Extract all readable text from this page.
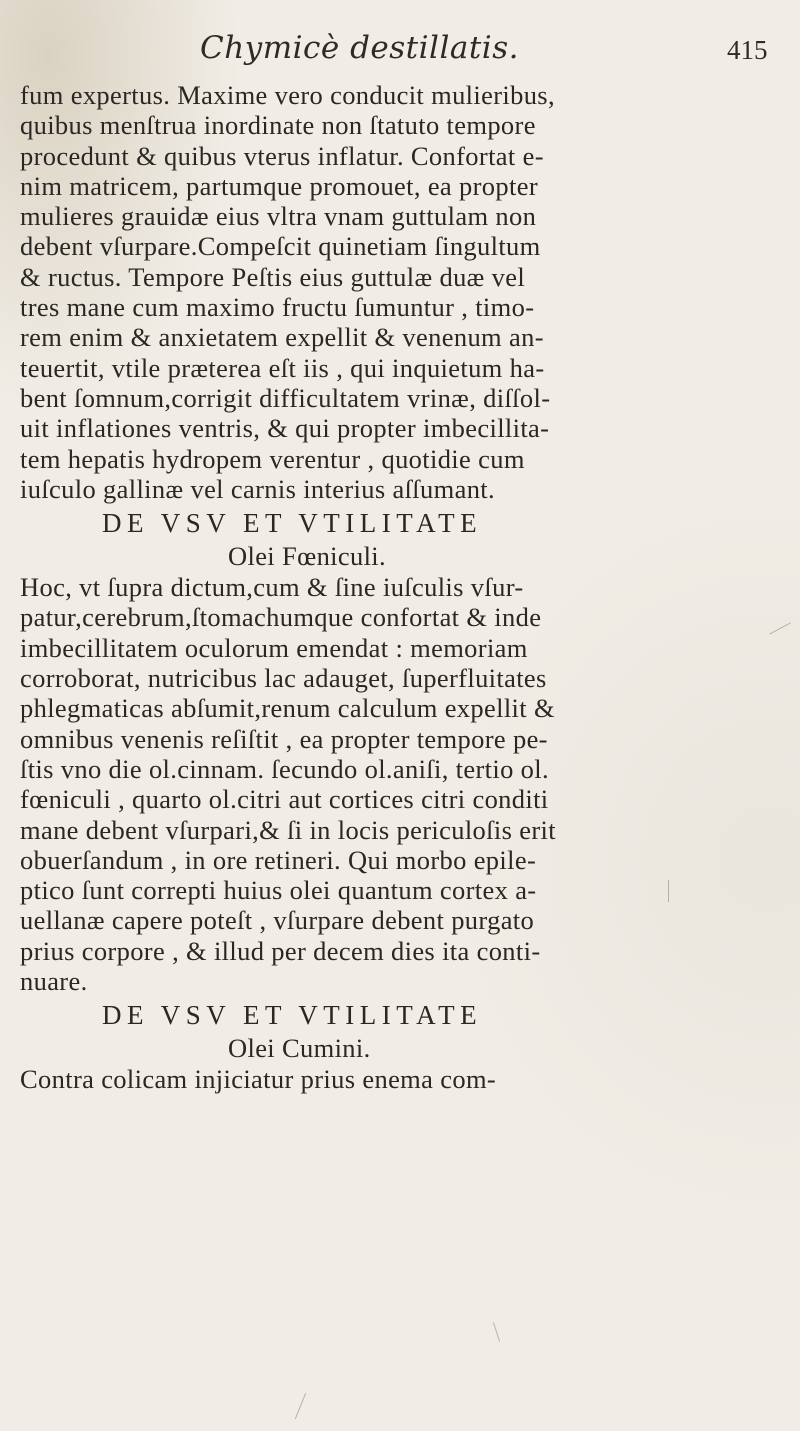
Chymicè destillatis.	415
fum expertus. Maxime vero conducit mulieribus,
quibus menſtrua inordinate non ſtatuto tempore
procedunt & quibus vterus inflatur. Confortat e-
nim matricem, partumque promouet, ea propter
mulieres grauidæ eius vltra vnam guttulam non
debent vſurpare.Compeſcit quinetiam ſingultum
& ructus. Tempore Peſtis eius guttulæ duæ vel
tres mane cum maximo fructu ſumuntur , timo-
rem enim & anxietatem expellit & venenum an-
teuertit, vtile prætereа eſt iis , qui inquietum ha-
bent ſomnum,corrigit difficultatem vrinæ, diſſol-
uit inflationes ventris, & qui propter imbecillita-
tem hepatis hydropem verentur , quotidie cum
iuſculo gallinæ vel carnis interius aſſumant.
DE VSV ET VTILITATE
Olei Fœniculi.
Hoc, vt ſupra dictum,cum & ſine iuſculis vſur-
patur,cerebrum,ſtomachumque confortat & inde
imbecillitatem oculorum emendat : memoriam
corroborat, nutricibus lac adauget, ſuperfluitates
phlegmaticas abſumit,renum calculum expellit &
omnibus venenis reſiſtit , ea propter tempore pe-
ſtis vno die ol.cinnam. ſecundo ol.aniſi, tertio ol.
fœniculi , quarto ol.citri aut cortices citri conditi
mane debent vſurpari,& ſi in locis periculoſis erit
obuerſandum , in ore retineri. Qui morbo epile-
ptico ſunt correpti huius olei quantum cortex a-
uellanæ capere poteſt , vſurpare debent purgato
prius corpore , & illud per decem dies ita conti-
nuare.
DE VSV ET VTILITATE
Olei Cumini.
Contra colicam injiciatur prius enema com-
